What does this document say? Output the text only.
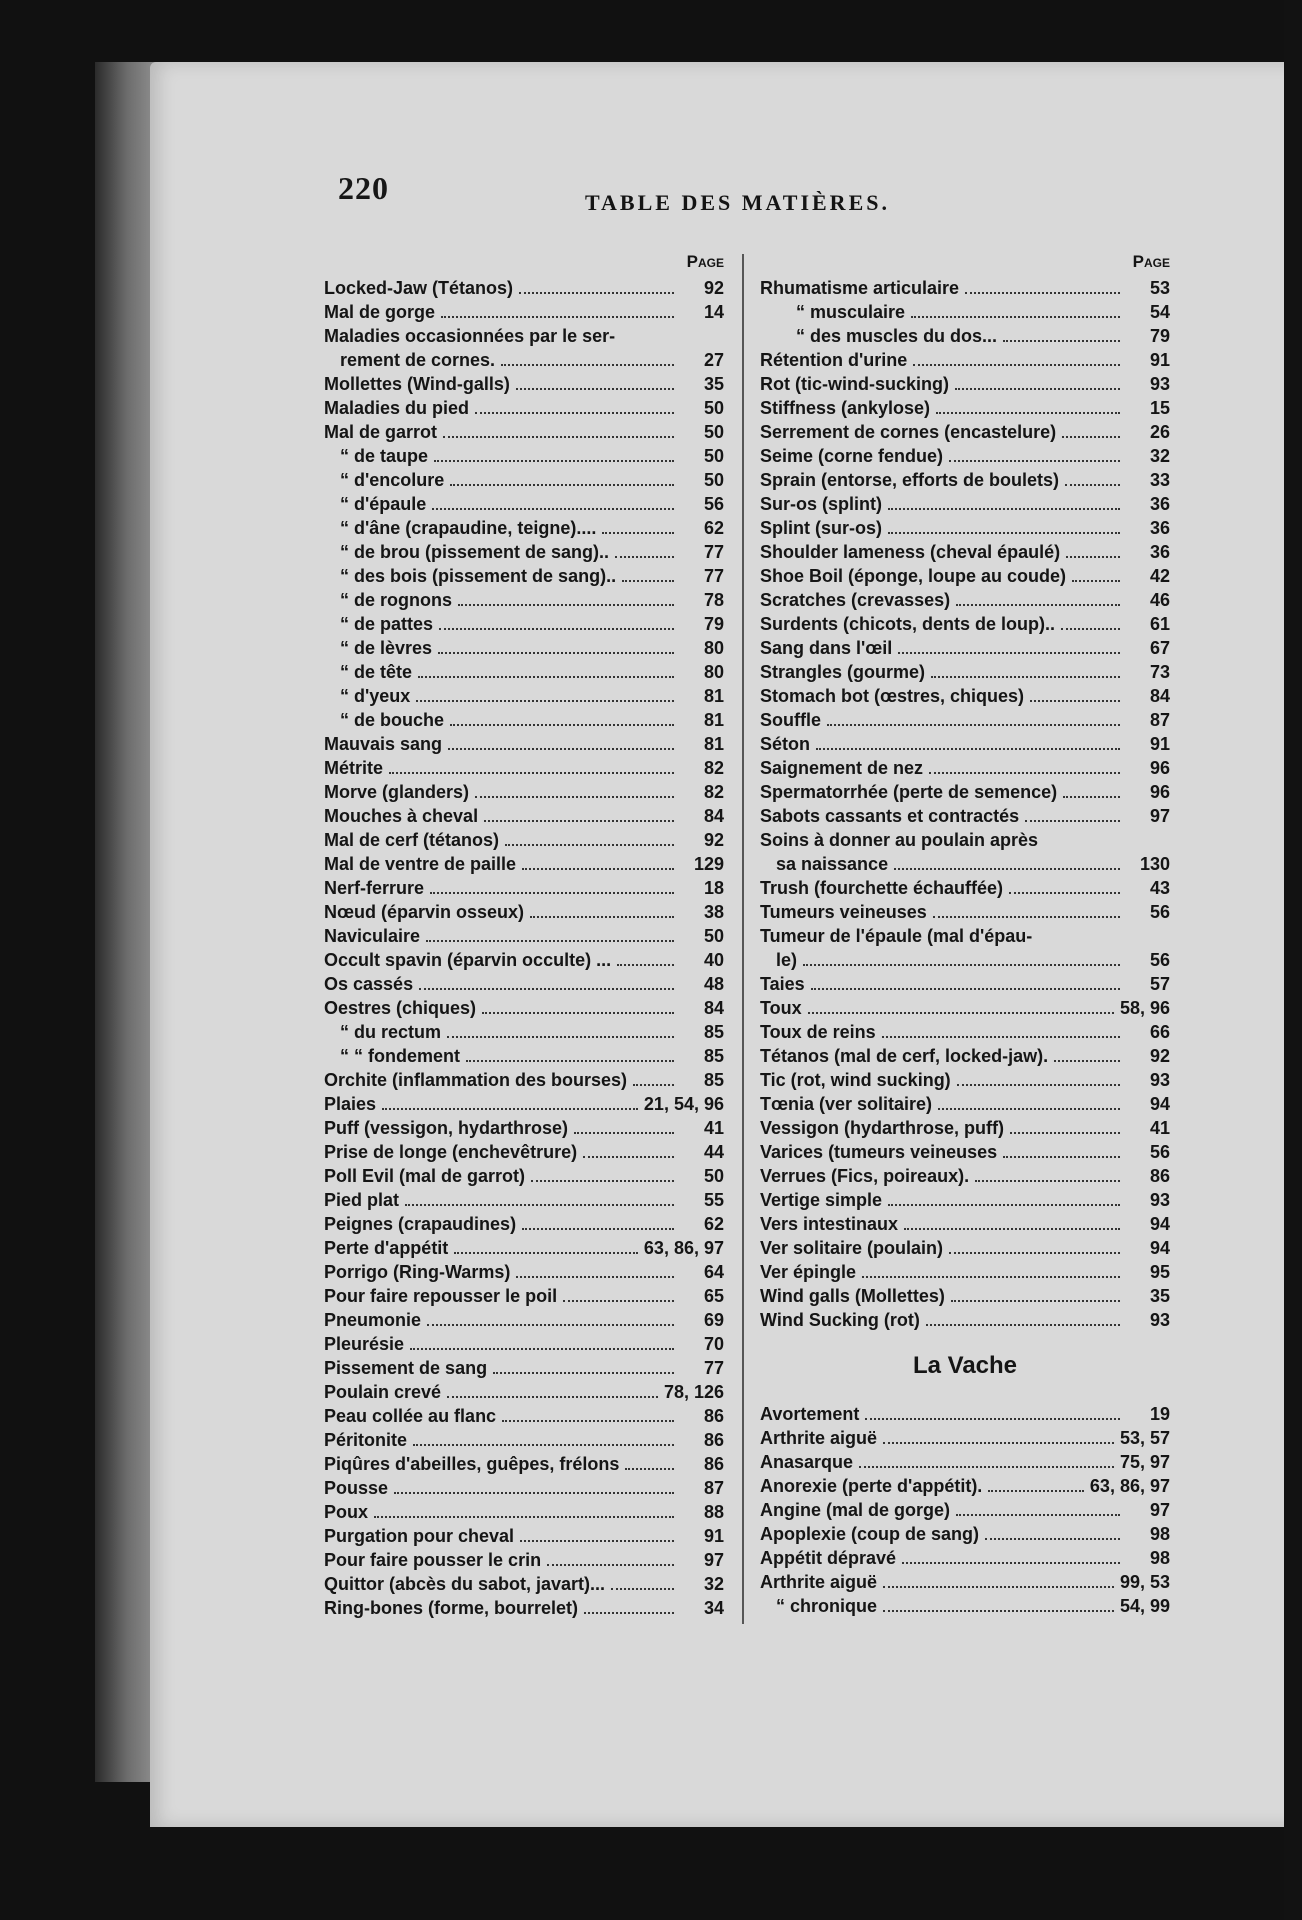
220	TABLE DES MATIÈRES.
Page
Locked-Jaw (Tétanos)	92
Mal de gorge	14
Maladies occasionnées par le ser-
rement de cornes.	27
Mollettes (Wind-galls)	35
Maladies du pied	50
Mal de garrot	50
“ de taupe	50
“ d'encolure	50
“ d'épaule	56
“ d'âne (crapaudine, teigne)....	62
“ de brou (pissement de sang)..	77
“ des bois (pissement de sang)..	77
“ de rognons	78
“ de pattes	79
“ de lèvres	80
“ de tête	80
“ d'yeux	81
“ de bouche	81
Mauvais sang	81
Métrite	82
Morve (glanders)	82
Mouches à cheval	84
Mal de cerf (tétanos)	92
Mal de ventre de paille	129
Nerf-ferrure	18
Nœud (éparvin osseux)	38
Naviculaire	50
Occult spavin (éparvin occulte) ...	40
Os cassés	48
Oestres (chiques)	84
“ du rectum	85
“ “ fondement	85
Orchite (inflammation des bourses)	85
Plaies	21, 54, 96
Puff (vessigon, hydarthrose)	41
Prise de longe (enchevêtrure)	44
Poll Evil (mal de garrot)	50
Pied plat	55
Peignes (crapaudines)	62
Perte d'appétit	63, 86, 97
Porrigo (Ring-Warms)	64
Pour faire repousser le poil	65
Pneumonie	69
Pleurésie	70
Pissement de sang	77
Poulain crevé	78, 126
Peau collée au flanc	86
Péritonite	86
Piqûres d'abeilles, guêpes, frélons	86
Pousse	87
Poux	88
Purgation pour cheval	91
Pour faire pousser le crin	97
Quittor (abcès du sabot, javart)...	32
Ring-bones (forme, bourrelet)	34
Page
Rhumatisme articulaire	53
“ musculaire	54
“ des muscles du dos...	79
Rétention d'urine	91
Rot (tic-wind-sucking)	93
Stiffness (ankylose)	15
Serrement de cornes (encastelure)	26
Seime (corne fendue)	32
Sprain (entorse, efforts de boulets)	33
Sur-os (splint)	36
Splint (sur-os)	36
Shoulder lameness (cheval épaulé)	36
Shoe Boil (éponge, loupe au coude)	42
Scratches (crevasses)	46
Surdents (chicots, dents de loup)..	61
Sang dans l'œil	67
Strangles (gourme)	73
Stomach bot (œstres, chiques)	84
Souffle	87
Séton	91
Saignement de nez	96
Spermatorrhée (perte de semence)	96
Sabots cassants et contractés	97
Soins à donner au poulain après
sa naissance	130
Trush (fourchette échauffée)	43
Tumeurs veineuses	56
Tumeur de l'épaule (mal d'épau-
le)	56
Taies	57
Toux	58, 96
Toux de reins	66
Tétanos (mal de cerf, locked-jaw).	92
Tic (rot, wind sucking)	93
Tœnia (ver solitaire)	94
Vessigon (hydarthrose, puff)	41
Varices (tumeurs veineuses	56
Verrues (Fics, poireaux).	86
Vertige simple	93
Vers intestinaux	94
Ver solitaire (poulain)	94
Ver épingle	95
Wind galls (Mollettes)	35
Wind Sucking (rot)	93
La Vache
Avortement	19
Arthrite aiguë	53, 57
Anasarque	75, 97
Anorexie (perte d'appétit).	63, 86, 97
Angine (mal de gorge)	97
Apoplexie (coup de sang)	98
Appétit dépravé	98
Arthrite aiguë	99, 53
“ chronique	54, 99
